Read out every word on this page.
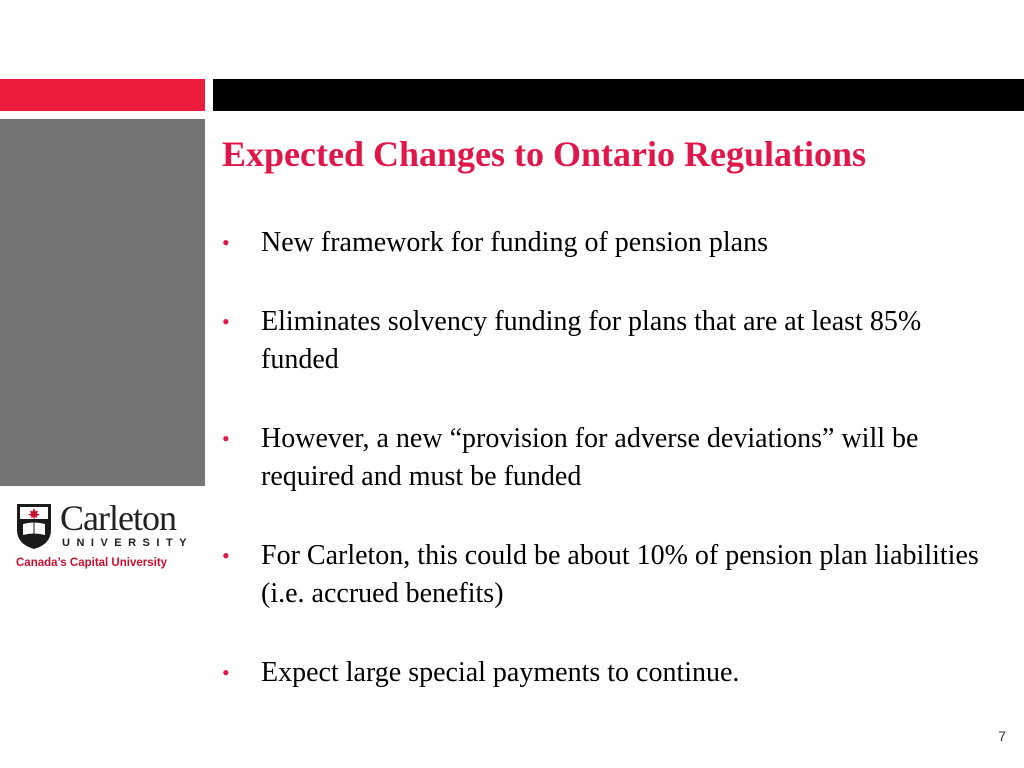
Carleton
UNIVERSITY
Canada’s Capital University
Expected Changes to Ontario Regulations
• New framework for funding of pension plans
• Eliminates solvency funding for plans that are at least 85% funded
• However, a new “provision for adverse deviations” will be required and must be funded
• For Carleton, this could be about 10% of pension plan liabilities (i.e. accrued benefits)
• Expect large special payments to continue.
7
